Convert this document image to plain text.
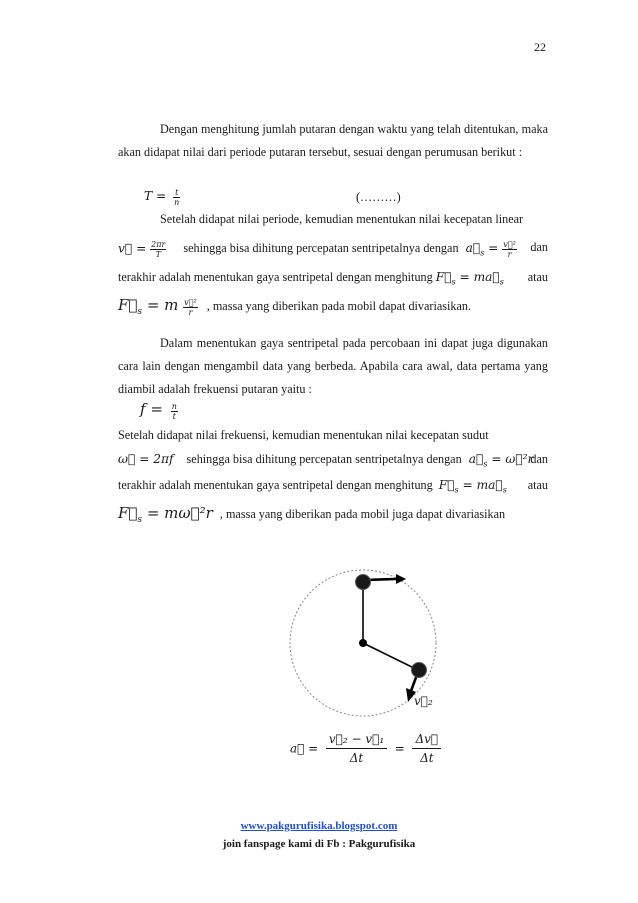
22
Dengan menghitung jumlah putaran dengan waktu yang telah ditentukan, maka akan didapat nilai dari periode putaran tersebut, sesuai dengan perumusan berikut :
$T = \frac{t}{n}$	(………)
Setelah didapat nilai periode, kemudian menentukan nilai kecepatan linear
v⃗ = $\frac{2\pi r}{T}$ sehingga bisa dihitung percepatan sentripetalnya dengan $a⃗_s = \frac{\text{v⃗²}}{r}$ dan
terakhir adalah menentukan gaya sentripetal dengan menghitung $F⃗_s$ = $ma⃗_s$ atau
$F⃗_s = m \frac{\text{v⃗²}}{r}$ , massa yang diberikan pada mobil dapat divariasikan.
Dalam menentukan gaya sentripetal pada percobaan ini dapat juga digunakan cara lain dengan mengambil data yang berbeda. Apabila cara awal, data pertama yang diambil adalah frekuensi putaran yaitu :
$f = \frac{n}{t}$
Setelah didapat nilai frekuensi, kemudian menentukan nilai kecepatan sudut
ω⃗ = 2πf sehingga bisa dihitung percepatan sentripetalnya dengan $a⃗_s$ = ω⃗²r
dan
terakhir adalah menentukan gaya sentripetal dengan menghitung $F⃗_s$ = $ma⃗_s$ atau
$F⃗_s$ = mω⃗²r , massa yang diberikan pada mobil juga dapat divariasikan
v⃗₂
a⃗ = $\frac{\text{v⃗₂ − v⃗₁}}{\Delta t} = \frac{\Delta v⃗}{\Delta t}$
www.pakgurufisika.blogspot.com
join fanspage kami di Fb : Pakgurufisika
